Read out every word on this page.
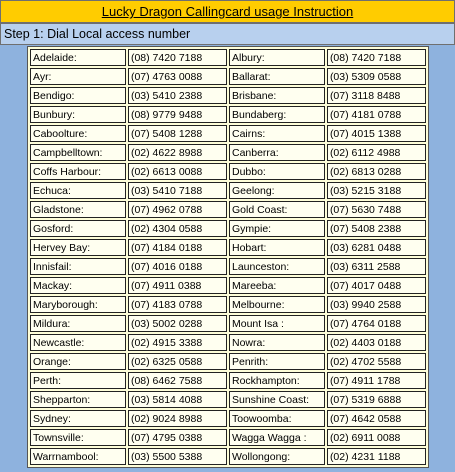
Lucky Dragon Callingcard usage Instruction
Step 1: Dial Local access number
Adelaide:	(08) 7420 7188	Albury:	(08) 7420 7188
Ayr:	(07) 4763 0088	Ballarat:	(03) 5309 0588
Bendigo:	(03) 5410 2388	Brisbane:	(07) 3118 8488
Bunbury:	(08) 9779 9488	Bundaberg:	(07) 4181 0788
Caboolture:	(07) 5408 1288	Cairns:	(07) 4015 1388
Campbelltown:	(02) 4622 8988	Canberra:	(02) 6112 4988
Coffs Harbour:	(02) 6613 0088	Dubbo:	(02) 6813 0288
Echuca:	(03) 5410 7188	Geelong:	(03) 5215 3188
Gladstone:	(07) 4962 0788	Gold Coast:	(07) 5630 7488
Gosford:	(02) 4304 0588	Gympie:	(07) 5408 2388
Hervey Bay:	(07) 4184 0188	Hobart:	(03) 6281 0488
Innisfail:	(07) 4016 0188	Launceston:	(03) 6311 2588
Mackay:	(07) 4911 0388	Mareeba:	(07) 4017 0488
Maryborough:	(07) 4183 0788	Melbourne:	(03) 9940 2588
Mildura:	(03) 5002 0288	Mount Isa :	(07) 4764 0188
Newcastle:	(02) 4915 3388	Nowra:	(02) 4403 0188
Orange:	(02) 6325 0588	Penrith:	(02) 4702 5588
Perth:	(08) 6462 7588	Rockhampton:	(07) 4911 1788
Shepparton:	(03) 5814 4088	Sunshine Coast:	(07) 5319 6888
Sydney:	(02) 9024 8988	Toowoomba:	(07) 4642 0588
Townsville:	(07) 4795 0388	Wagga Wagga :	(02) 6911 0088
Warrnambool:	(03) 5500 5388	Wollongong:	(02) 4231 1188
